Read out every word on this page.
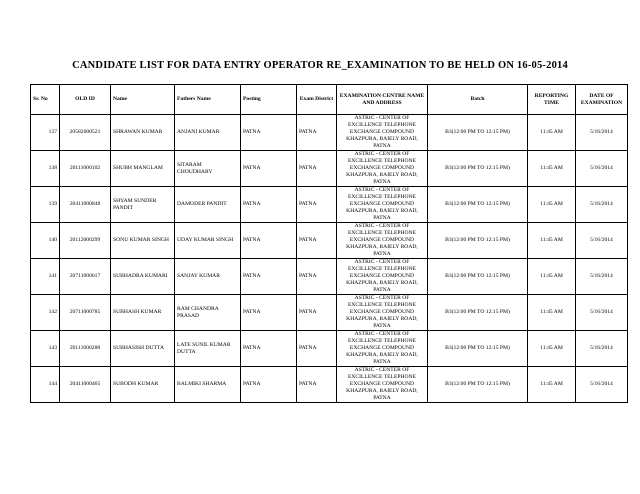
CANDIDATE LIST FOR DATA ENTRY OPERATOR RE_EXAMINATION TO BE HELD ON 16-05-2014
Sr. No	OLD ID	Name	Fathers Name	Posting	Exam District	EXAMINATION CENTRE NAME AND ADDRESS	Batch	REPORTING TIME	DATE OF EXAMINATION
137	20582000521	SHRAWAN KUMAR	ANJANI KUMAR	PATNA	PATNA	ASTRIC - CENTER OF EXCILLENCE TELEPHONE EXCHANGE COMPOUND KHAZPURA, BAIELY ROAD, PATNA	B3(12:00 PM TO 12:15 PM)	11:45 AM	5/16/2014
138	20111000102	SHUBH MANGLAM	SITARAM CHOUDHARY	PATNA	PATNA	ASTRIC - CENTER OF EXCILLENCE TELEPHONE EXCHANGE COMPOUND KHAZPURA, BAIELY ROAD, PATNA	B3(12:00 PM TO 12:15 PM)	11:45 AM	5/16/2014
139	20411000848	SHYAM SUNDER PANDIT	DAMODER PANDIT	PATNA	PATNA	ASTRIC - CENTER OF EXCILLENCE TELEPHONE EXCHANGE COMPOUND KHAZPURA, BAIELY ROAD, PATNA	B3(12:00 PM TO 12:15 PM)	11:45 AM	5/16/2014
140	20112000299	SONU KUMAR SINGH	UDAY KUMAR SINGH	PATNA	PATNA	ASTRIC - CENTER OF EXCILLENCE TELEPHONE EXCHANGE COMPOUND KHAZPURA, BAIELY ROAD, PATNA	B3(12:00 PM TO 12:15 PM)	11:45 AM	5/16/2014
141	20711000617	SUBHADRA KUMARI	SANJAY KUMAR	PATNA	PATNA	ASTRIC - CENTER OF EXCILLENCE TELEPHONE EXCHANGE COMPOUND KHAZPURA, BAIELY ROAD, PATNA	B3(12:00 PM TO 12:15 PM)	11:45 AM	5/16/2014
142	20711000785	SUBHASH KUMAR	RAM CHANDRA PRASAD	PATNA	PATNA	ASTRIC - CENTER OF EXCILLENCE TELEPHONE EXCHANGE COMPOUND KHAZPURA, BAIELY ROAD, PATNA	B3(12:00 PM TO 12:15 PM)	11:45 AM	5/16/2014
143	20111000288	SUBHASISH DUTTA	LATE SUNIL KUMAR DUTTA	PATNA	PATNA	ASTRIC - CENTER OF EXCILLENCE TELEPHONE EXCHANGE COMPOUND KHAZPURA, BAIELY ROAD, PATNA	B3(12:00 PM TO 12:15 PM)	11:45 AM	5/16/2014
144	20411000465	SUBODH KUMAR	BALMIKI SHARMA	PATNA	PATNA	ASTRIC - CENTER OF EXCILLENCE TELEPHONE EXCHANGE COMPOUND KHAZPURA, BAIELY ROAD, PATNA	B3(12:00 PM TO 12:15 PM)	11:45 AM	5/16/2014
